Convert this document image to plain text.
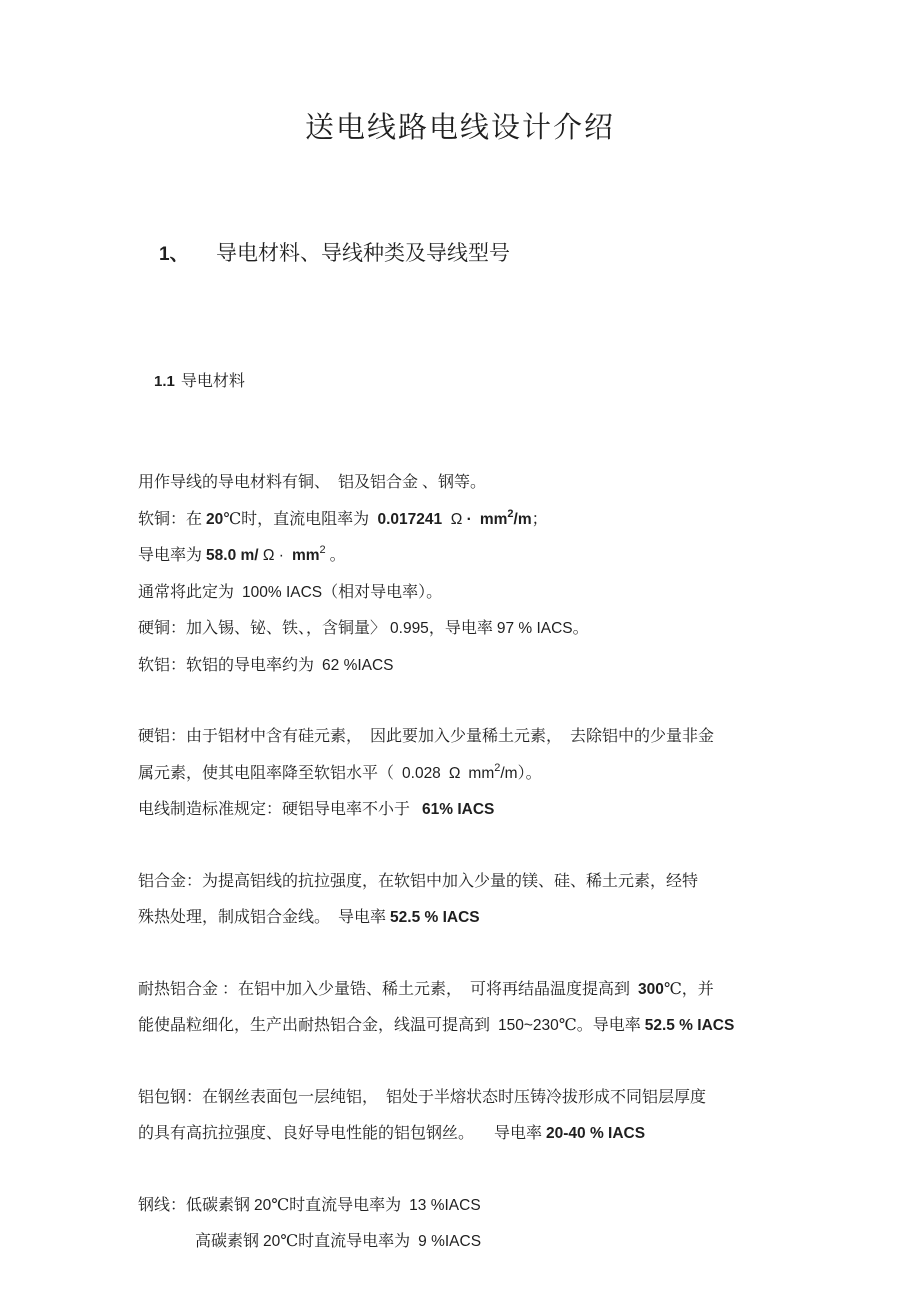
送电线路电线设计介绍

1、 导电材料、导线种类及导线型号

1.1 导电材料

用作导线的导电材料有铜、  铝及铝合金 、钢等。
软铜：在 20℃时，直流电阻率为  0.017241  $\Omega \cdot mm^2/m$；
导电率为 58.0 m/ $\Omega \cdot mm^2$ 。
通常将此定为  100% IACS（相对导电率）。
硬铜：加入锡、铋、铁、，含铜量〉 0.995，导电率 97 % IACS。
软铝：软铝的导电率约为  62 %IACS
硬铝：由于铝材中含有硅元素，  因此要加入少量稀土元素，  去除铝中的少量非金
属元素，使其电阻率降至软铝水平（  0.028 Ω $mm^2/m$）。
电线制造标准规定：硬铝导电率不小于   61% IACS
铝合金：为提高铝线的抗拉强度，在软铝中加入少量的镁、硅、稀土元素，经特
殊热处理，制成铝合金线。  导电率 52.5 % IACS
耐热铝合金 ：在铝中加入少量锆、稀土元素，  可将再结晶温度提高到  300℃，并
能使晶粒细化，生产出耐热铝合金，线温可提高到  150~230℃。导电率 52.5 % IACS
铝包钢：在钢丝表面包一层纯铝，  铝处于半熔状态时压铸冷拔形成不同铝层厚度
的具有高抗拉强度、良好导电性能的铝包钢丝。     导电率 20-40 % IACS
钢线：低碳素钢 20℃时直流导电率为  13 %IACS
高碳素钢 20℃时直流导电率为  9 %IACS
